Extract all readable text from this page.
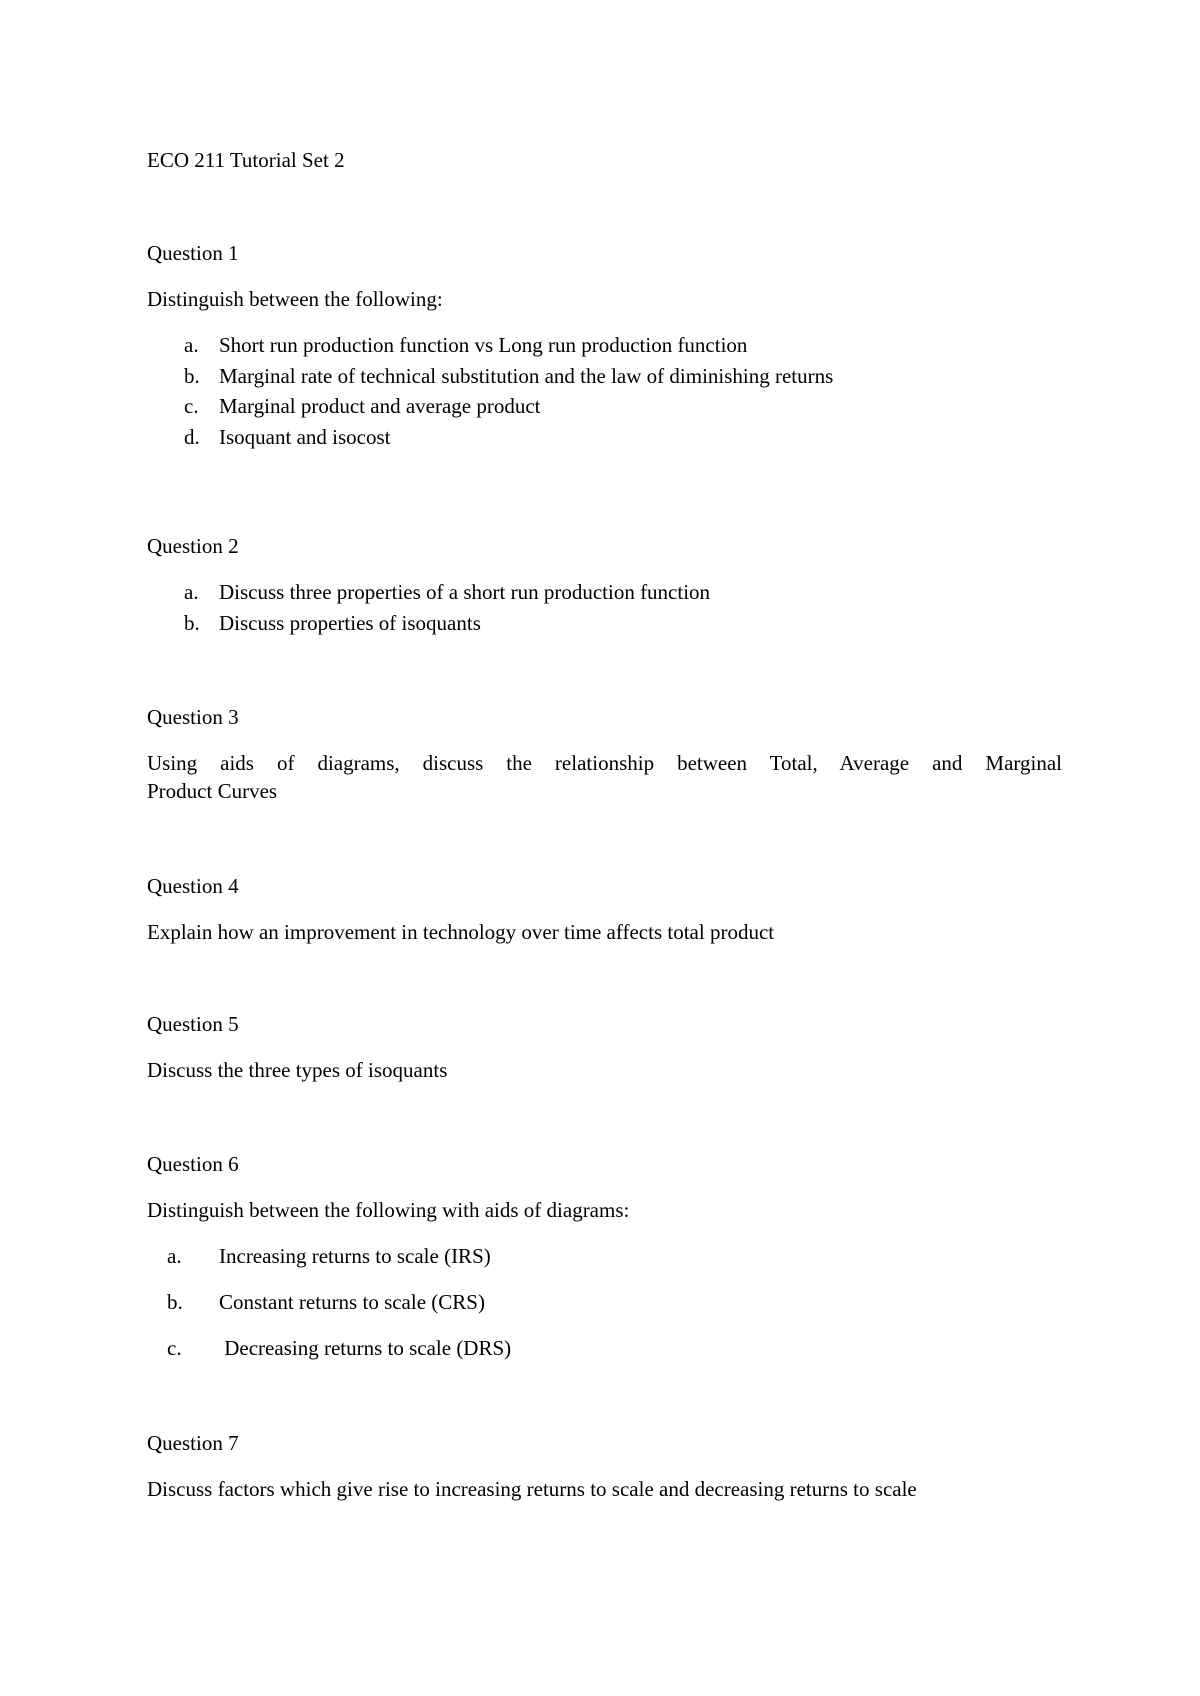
ECO 211 Tutorial Set 2
Question 1
Distinguish between the following:
a. Short run production function vs Long run production function
b. Marginal rate of technical substitution and the law of diminishing returns
c. Marginal product and average product
d. Isoquant and isocost
Question 2
a. Discuss three properties of a short run production function
b. Discuss properties of isoquants
Question 3
Using aids of diagrams, discuss the relationship between Total, Average and Marginal
Product Curves
Question 4
Explain how an improvement in technology over time affects total product
Question 5
Discuss the three types of isoquants
Question 6
Distinguish between the following with aids of diagrams:
a. Increasing returns to scale (IRS)
b. Constant returns to scale (CRS)
c. Decreasing returns to scale (DRS)
Question 7
Discuss factors which give rise to increasing returns to scale and decreasing returns to scale
